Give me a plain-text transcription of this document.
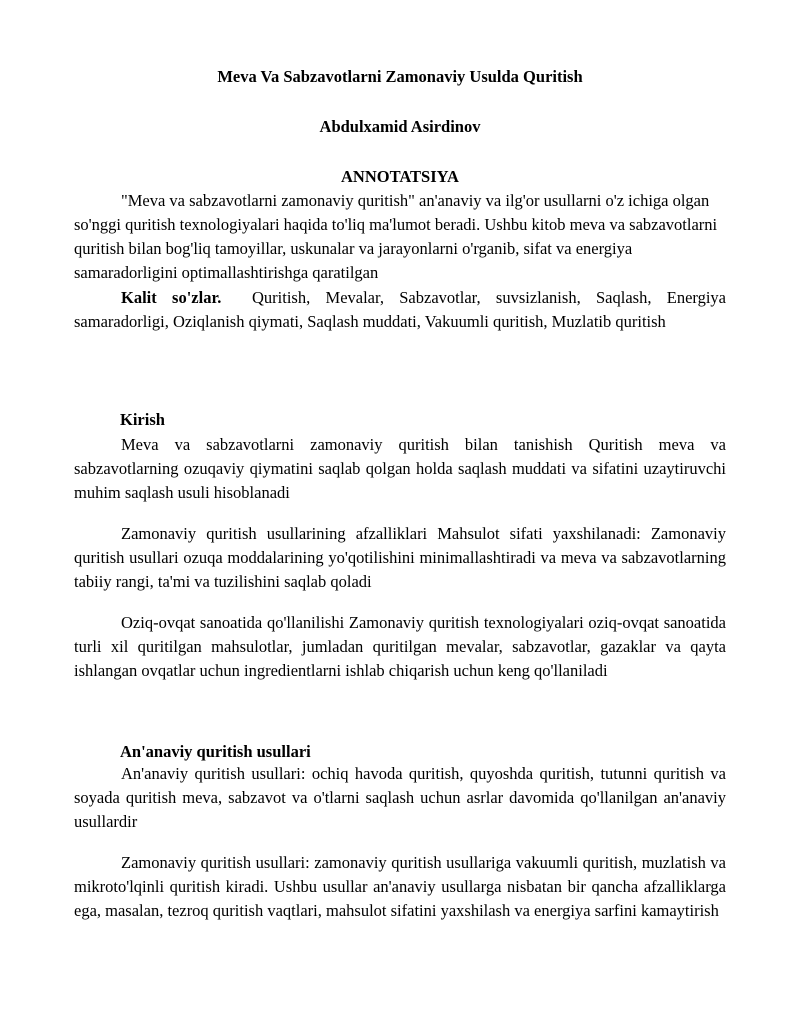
Meva Va Sabzavotlarni Zamonaviy Usulda Quritish

Abdulxamid Asirdinov

ANNOTATSIYA

"Meva va sabzavotlarni zamonaviy quritish" an'anaviy va ilg'or usullarni o'z ichiga olgan so'nggi quritish texnologiyalari haqida to'liq ma'lumot beradi. Ushbu kitob meva va sabzavotlarni quritish bilan bog'liq tamoyillar, uskunalar va jarayonlarni o'rganib, sifat va energiya samaradorligini optimallashtirishga qaratilgan

Kalit so'zlar. Quritish, Mevalar, Sabzavotlar, suvsizlanish, Saqlash, Energiya samaradorligi, Oziqlanish qiymati, Saqlash muddati, Vakuumli quritish, Muzlatib quritish

Kirish

Meva va sabzavotlarni zamonaviy quritish bilan tanishish Quritish meva va sabzavotlarning ozuqaviy qiymatini saqlab qolgan holda saqlash muddati va sifatini uzaytiruvchi muhim saqlash usuli hisoblanadi

Zamonaviy quritish usullarining afzalliklari Mahsulot sifati yaxshilanadi: Zamonaviy quritish usullari ozuqa moddalarining yo'qotilishini minimallashtiradi va meva va sabzavotlarning tabiiy rangi, ta'mi va tuzilishini saqlab qoladi

Oziq-ovqat sanoatida qo'llanilishi Zamonaviy quritish texnologiyalari oziq-ovqat sanoatida turli xil quritilgan mahsulotlar, jumladan quritilgan mevalar, sabzavotlar, gazaklar va qayta ishlangan ovqatlar uchun ingredientlarni ishlab chiqarish uchun keng qo'llaniladi

An'anaviy quritish usullari

An'anaviy quritish usullari: ochiq havoda quritish, quyoshda quritish, tutunni quritish va soyada quritish meva, sabzavot va o'tlarni saqlash uchun asrlar davomida qo'llanilgan an'anaviy usullardir

Zamonaviy quritish usullari: zamonaviy quritish usullariga vakuumli quritish, muzlatish va mikroto'lqinli quritish kiradi. Ushbu usullar an'anaviy usullarga nisbatan bir qancha afzalliklarga ega, masalan, tezroq quritish vaqtlari, mahsulot sifatini yaxshilash va energiya sarfini kamaytirish
